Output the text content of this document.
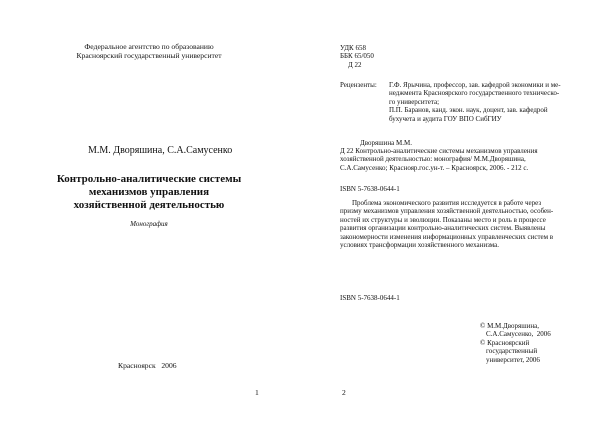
Федеральное агентство по образованию
Красноярский государственный университет
М.М. Дворяшина, С.А.Самусенко
Контрольно-аналитические системы
механизмов управления
хозяйственной деятельностью
Монография
Красноярск   2006
1
УДК 658
ББК 65/050
Д 22
Рецензенты: Г.Ф. Ярычина, профессор, зав. кафедрой экономики и ме-
неджмента Красноярского государственного техническо-
го университета;
П.П. Баранов, канд. экон. наук, доцент, зав. кафедрой
бухучета и аудита ГОУ ВПО СибГИУ
Дворяшина М.М.
Д 22 Контрольно-аналитические системы механизмов управления
хозяйственной деятельностью: монография/ М.М.Дворяшина,
С.А.Самусенко; Краснояр.гос.ун-т. – Красноярск, 2006. - 212 с.
ISBN 5-7638-0644-1
Проблема экономического развития исследуется в работе через
призму механизмов управления хозяйственной деятельностью, особен-
ностей их структуры и эволюции. Показаны место и роль в процессе
развития организации контрольно-аналитических систем. Выявлены
закономерности изменения информационных управленческих систем в
условиях трансформации хозяйственного механизма.
ISBN 5-7638-0644-1
© М.М.Дворяшина,
С.А.Самусенко,  2006
© Красноярский
государственный
университет, 2006
2
